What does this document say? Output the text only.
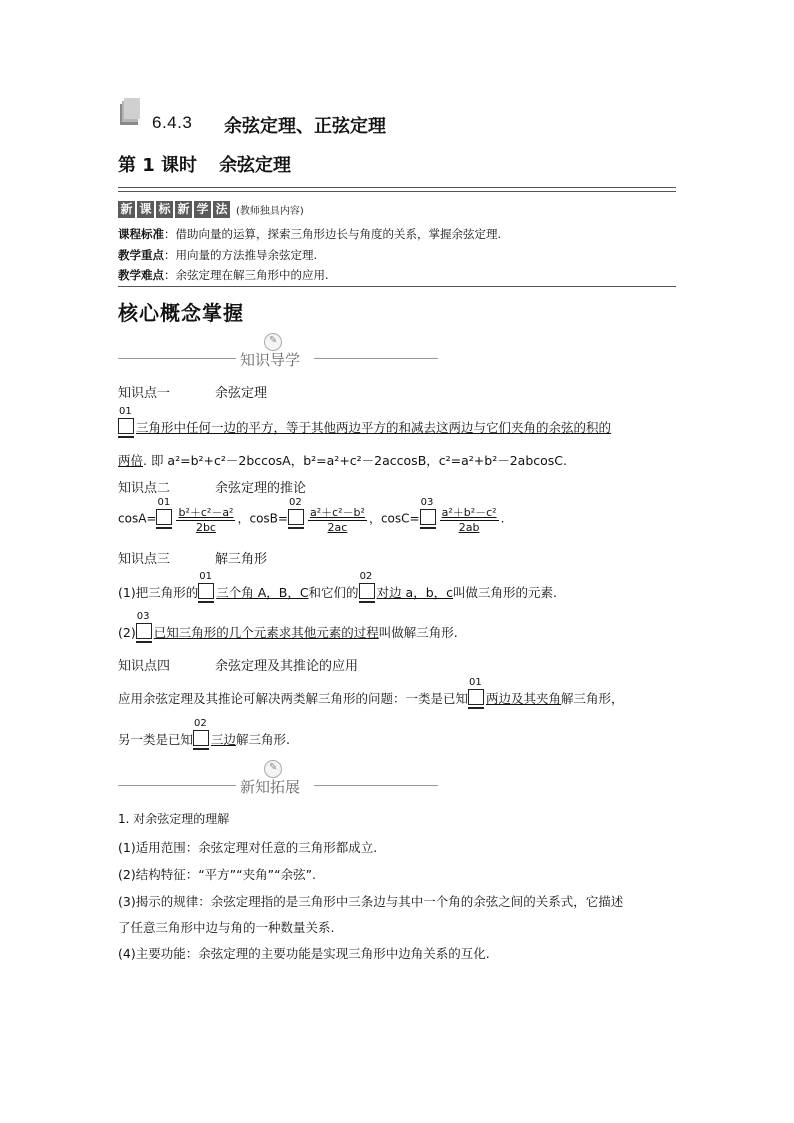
6.4.3 余弦定理、正弦定理
第 1 课时 余弦定理
新 课 标 新 学 法 (教师独具内容)
课程标准：借助向量的运算，探索三角形边长与角度的关系，掌握余弦定理.
教学重点：用向量的方法推导余弦定理.
教学难点：余弦定理在解三角形中的应用.
核心概念掌握
✎
知识导学
知识点一	余弦定理
01
三角形中任何一边的平方，等于其他两边平方的和减去这两边与它们夹角的余弦的积的
两倍. 即 a²=b²+c²－2bccosA，b²=a²+c²－2accosB，c²=a²+b²－2abcosC.
知识点二	余弦定理的推论
cosA=
01
$\frac{\text{b²＋c²－a²}}{2bc}$ ，cosB=
02
$\frac{\text{a²＋c²－b²}}{2ac}$ ，cosC=
03
$\frac{\text{a²＋b²－c²}}{2ab}$ .
知识点三	解三角形
(1)把三角形的
01
三个角 A，B，C和它们的
02
对边 a，b，c叫做三角形的元素.
(2)
03
已知三角形的几个元素求其他元素的过程叫做解三角形.
知识点四	余弦定理及其推论的应用
应用余弦定理及其推论可解决两类解三角形的问题：一类是已知
01
两边及其夹角解三角形，
另一类是已知
02
三边解三角形.
✎
新知拓展
1. 对余弦定理的理解
(1)适用范围：余弦定理对任意的三角形都成立.
(2)结构特征：“平方”“夹角”“余弦”.
(3)揭示的规律：余弦定理指的是三角形中三条边与其中一个角的余弦之间的关系式，它描述
了任意三角形中边与角的一种数量关系.
(4)主要功能：余弦定理的主要功能是实现三角形中边角关系的互化.
